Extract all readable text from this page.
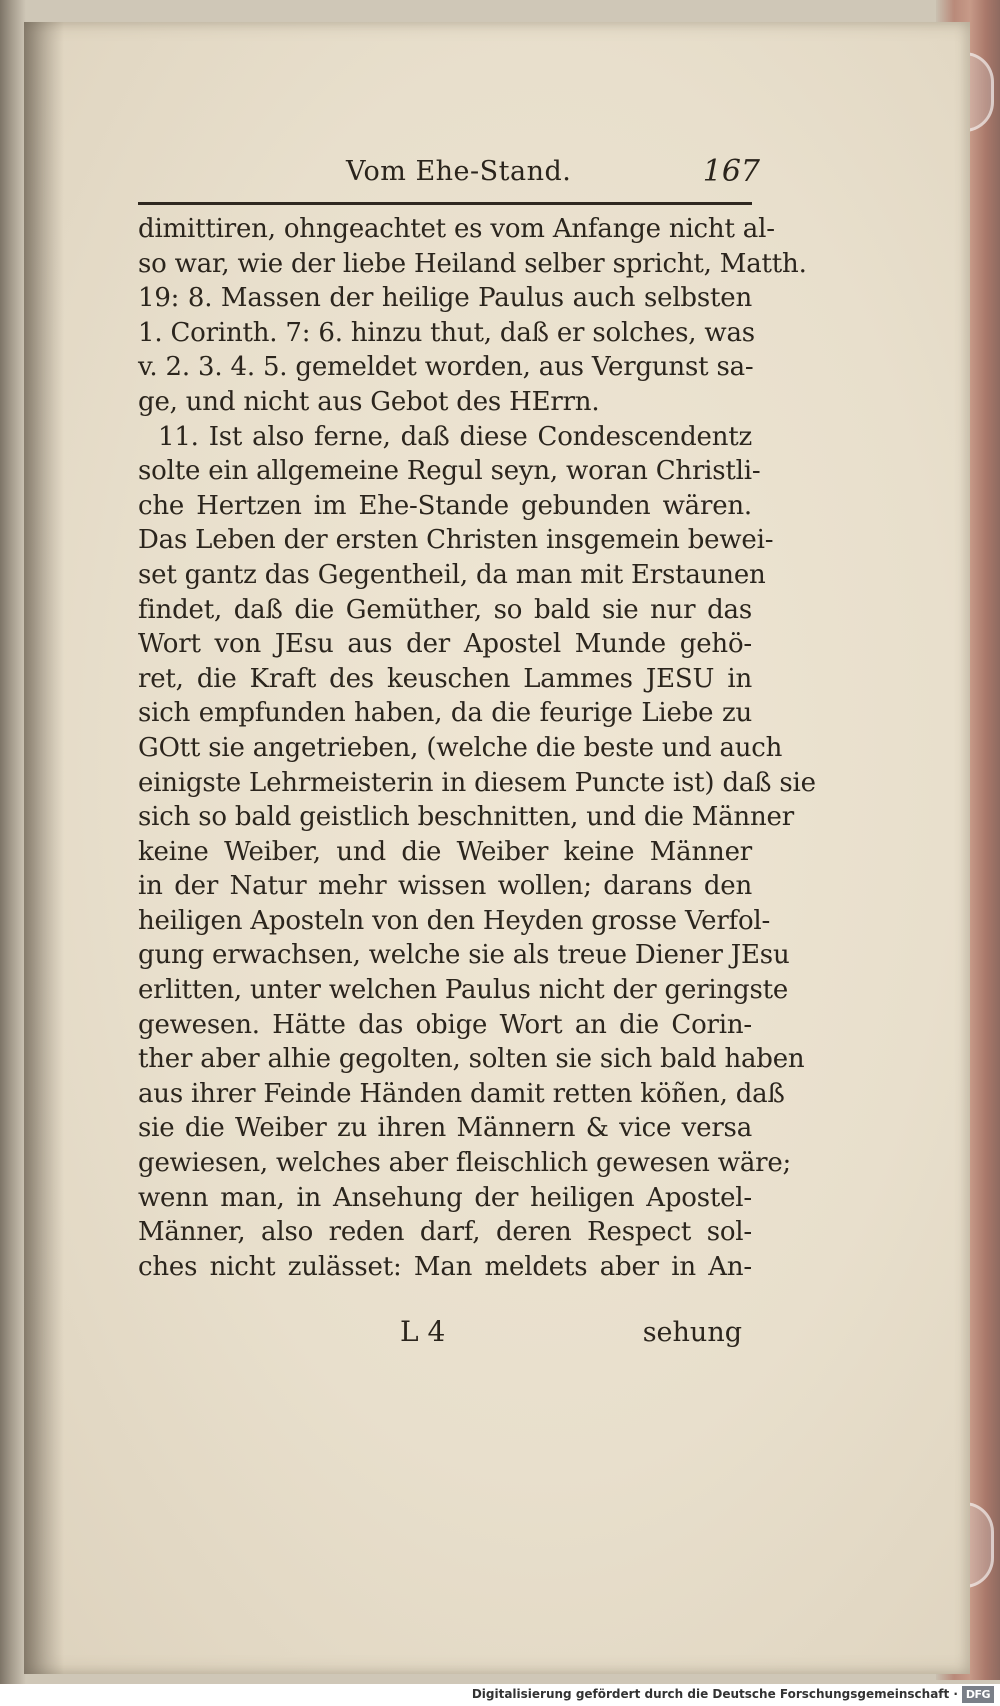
Vom Ehe-Stand.	167
dimittiren, ohngeachtet es vom Anfange nicht al-
so war, wie der liebe Heiland selber spricht, Matth.
19: 8. Massen der heilige Paulus auch selbsten
1. Corinth. 7: 6. hinzu thut, daß er solches, was
v. 2. 3. 4. 5. gemeldet worden, aus Vergunst sa-
ge, und nicht aus Gebot des HErrn.
11. Ist also ferne, daß diese Condescendentz
solte ein allgemeine Regul seyn, woran Christli-
che Hertzen im Ehe-Stande gebunden wären.
Das Leben der ersten Christen insgemein bewei-
set gantz das Gegentheil, da man mit Erstaunen
findet, daß die Gemüther, so bald sie nur das
Wort von JEsu aus der Apostel Munde gehö-
ret, die Kraft des keuschen Lammes JESU in
sich empfunden haben, da die feurige Liebe zu
GOtt sie angetrieben, (welche die beste und auch
einigste Lehrmeisterin in diesem Puncte ist) daß sie
sich so bald geistlich beschnitten, und die Männer
keine Weiber, und die Weiber keine Männer
in der Natur mehr wissen wollen; darans den
heiligen Aposteln von den Heyden grosse Verfol-
gung erwachsen, welche sie als treue Diener JEsu
erlitten, unter welchen Paulus nicht der geringste
gewesen. Hätte das obige Wort an die Corin-
ther aber alhie gegolten, solten sie sich bald haben
aus ihrer Feinde Händen damit retten köñen, daß
sie die Weiber zu ihren Männern & vice versa
gewiesen, welches aber fleischlich gewesen wäre;
wenn man, in Ansehung der heiligen Apostel-
Männer, also reden darf, deren Respect sol-
ches nicht zulässet: Man meldets aber in An-
L 4	sehung
Digitalisierung gefördert durch die Deutsche Forschungsgemeinschaft · DFG
